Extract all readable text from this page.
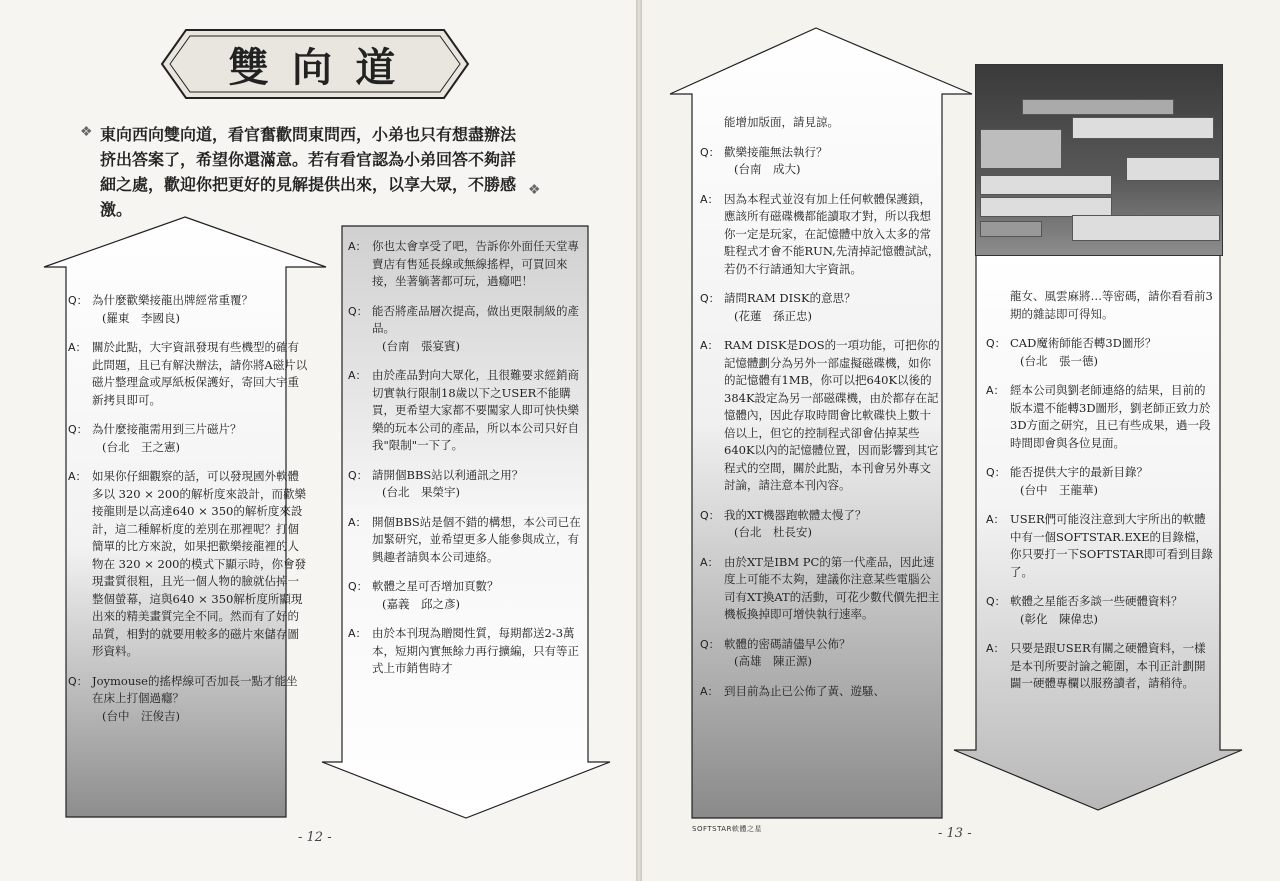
雙 向 道
❖
❖
東向西向雙向道，看官奮歡問東問西，小弟也只有想盡辦法挤出答案了，希望你還滿意。若有看官認為小弟回答不夠詳細之處，歡迎你把更好的見解提供出來，以享大眾，不勝感激。
Q： 為什麼歡樂接龍出牌經常重覆？
(羅東　李國良)
A： 關於此點，大宇資訊發現有些機型的確有此問題，且已有解決辦法，請你將A磁片以磁片整理盒或厚紙板保護好，寄回大宇重新拷貝即可。
Q： 為什麼接龍需用到三片磁片？
(台北　王之憲)
A： 如果你仔細觀察的話，可以發現國外軟體多以 320 × 200的解析度來設計，而歡樂接龍則是以高達640 × 350的解析度來設計，這二種解析度的差別在那裡呢？打個簡單的比方來說，如果把歡樂接龍裡的人物在 320 × 200的模式下顯示時，你會發現畫質很粗，且光一個人物的臉就佔掉一整個螢幕，這與640 × 350解析度所顯現出來的精美畫質完全不同。然而有了好的品質，相對的就要用較多的磁片來儲存圖形資料。
Q： Joymouse的搖桿線可否加長一點才能坐在床上打個過癮？
(台中　汪俊吉)
A： 你也太會享受了吧，告訴你外面任天堂專賣店有售延長線或無線搖桿，可買回來接，坐著躺著都可玩，過癮吧！
Q： 能否將產品層次提高，做出更限制級的產品。
(台南　張宴賓)
A： 由於產品對向大眾化，且很難要求經銷商切實執行限制18歲以下之USER不能購買，更希望大家都不要闖家人即可快快樂樂的玩本公司的產品，所以本公司只好自我"限制"一下了。
Q： 請開個BBS站以利通訊之用？
(台北　果榮宇)
A： 開個BBS站是個不錯的構想，本公司已在加緊研究，並希望更多人能參與成立，有興趣者請與本公司連絡。
Q： 軟體之星可否增加頁數？
(嘉義　邱之彥)
A： 由於本刊現為贈閱性質，每期都送2-3萬本，短期內實無餘力再行擴編，只有等正式上市銷售時才
- 12 -
能增加版面，請見諒。
Q： 歡樂接龍無法執行？
(台南　成大)
A： 因為本程式並沒有加上任何軟體保護鎖，應該所有磁碟機都能讀取才對，所以我想你一定是玩家，在記憶體中放入太多的常駐程式才會不能RUN,先清掉記憶體試試，若仍不行請通知大宇資訊。
Q： 請問RAM DISK的意思？
(花蓮　孫正忠)
A： RAM DISK是DOS的一項功能，可把你的記憶體劃分為另外一部虛擬磁碟機，如你的記憶體有1MB，你可以把640K以後的384K設定為另一部磁碟機，由於都存在記憶體內，因此存取時間會比軟碟快上數十倍以上，但它的控制程式卻會佔掉某些640K以內的記憶體位置，因而影響到其它程式的空間，關於此點，本刊會另外專文討論，請注意本刊內容。
Q： 我的XT機器跑軟體太慢了？
(台北　杜長安)
A： 由於XT是IBM PC的第一代產品，因此速度上可能不太夠，建議你注意某些電腦公司有XT換AT的活動，可花少數代價先把主機板換掉即可增快執行速率。
Q： 軟體的密碼請儘早公佈？
(高雄　陳正源)
A： 到目前為止已公佈了黃、遊騷、
龍女、風雲麻將…等密碼，請你看看前3期的雜誌即可得知。
Q： CAD魔術師能否轉3D圖形？
(台北　張一德)
A： 經本公司與劉老師連絡的結果，目前的版本還不能轉3D圖形，劉老師正致力於3D方面之研究，且已有些成果，過一段時間即會與各位見面。
Q： 能否提供大宇的最新目錄？
(台中　王龍華)
A： USER們可能沒注意到大宇所出的軟體中有一個SOFTSTAR.EXE的目錄檔，你只要打一下SOFTSTAR即可看到目錄了。
Q： 軟體之星能否多談一些硬體資料？
(彰化　陳偉忠)
A： 只要是跟USER有關之硬體資料，一樣是本刊所要討論之範圍，本刊正計劃開闢一硬體專欄以服務讀者，請稍待。
SOFTSTAR軟體之星	- 13 -
